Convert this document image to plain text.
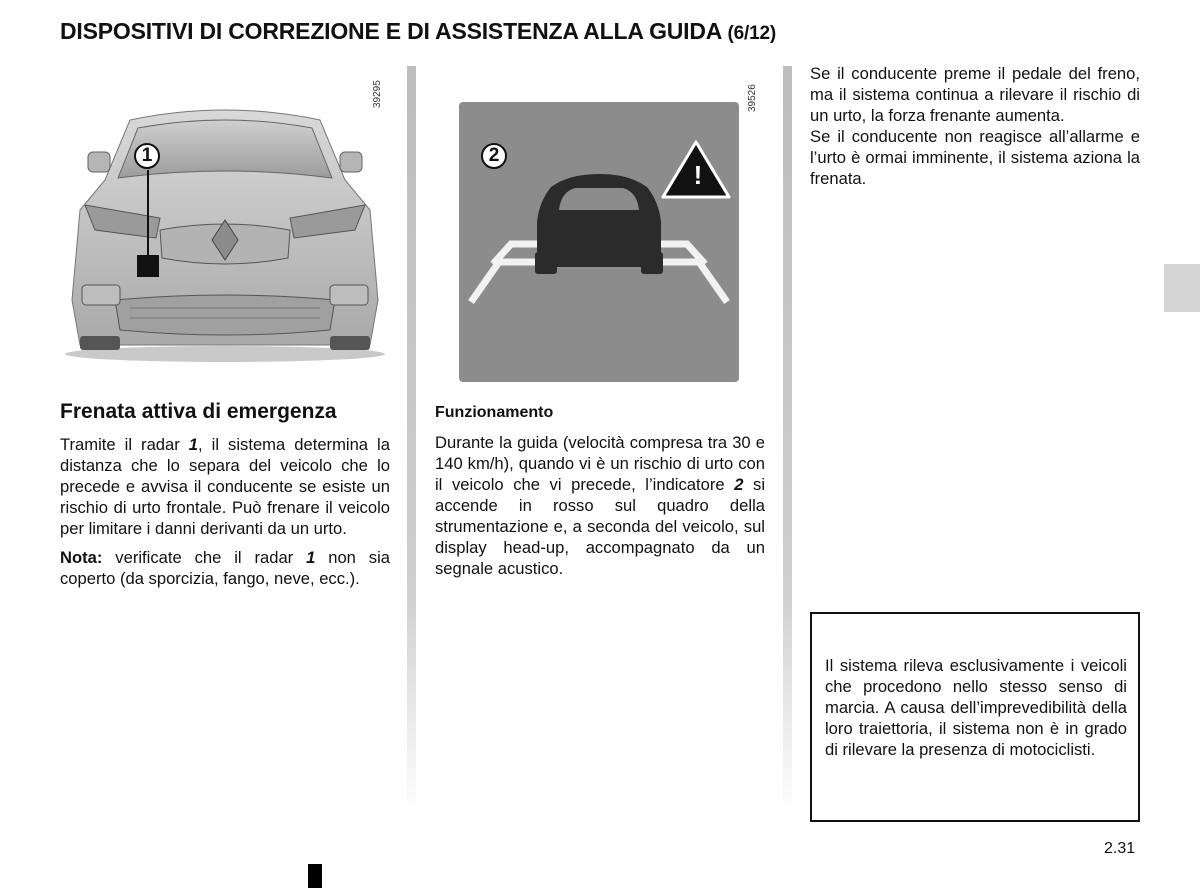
DISPOSITIVI DI CORREZIONE E DI ASSISTENZA ALLA GUIDA (6/12)
39295
1
39526
!
2
Frenata attiva di emergenza

Tramite il radar 1, il sistema determina la distanza che lo separa del veicolo che lo precede e avvisa il conducente se esiste un rischio di urto frontale. Può frenare il veicolo per limitare i danni derivanti da un urto.

Nota: verificate che il radar 1 non sia coperto (da sporcizia, fango, neve, ecc.).

Funzionamento

Durante la guida (velocità compresa tra 30 e 140 km/h), quando vi è un rischio di urto con il veicolo che vi precede, l’indicatore 2 si accende in rosso sul quadro della strumentazione e, a seconda del veicolo, sul display head-up, accompagnato da un segnale acustico.

Se il conducente preme il pedale del freno, ma il sistema continua a rilevare il rischio di un urto, la forza frenante aumenta.
Se il conducente non reagisce all’allarme e l’urto è ormai imminente, il sistema aziona la frenata.
Il sistema rileva esclusivamente i veicoli che procedono nello stesso senso di marcia. A causa dell’imprevedibilità della loro traiettoria, il sistema non è in grado di rilevare la presenza di motociclisti.
2.31
